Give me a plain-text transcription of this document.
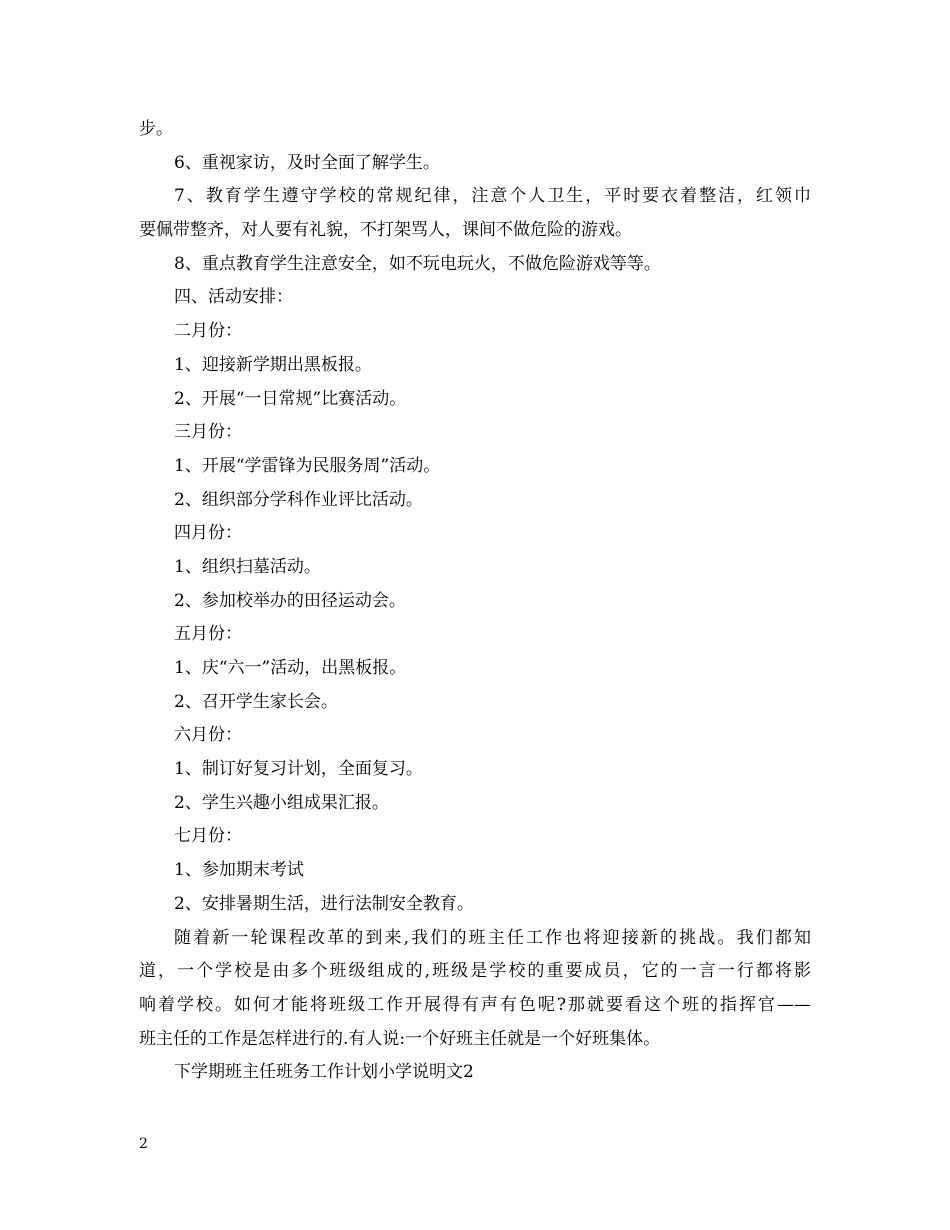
步。

6、重视家访，及时全面了解学生。

7、教育学生遵守学校的常规纪律，注意个人卫生，平时要衣着整洁，红领巾

要佩带整齐，对人要有礼貌，不打架骂人，课间不做危险的游戏。

8、重点教育学生注意安全，如不玩电玩火，不做危险游戏等等。

四、活动安排：

二月份：

1、迎接新学期出黑板报。

2、开展“一日常规”比赛活动。

三月份：

1、开展“学雷锋为民服务周”活动。

2、组织部分学科作业评比活动。

四月份：

1、组织扫墓活动。

2、参加校举办的田径运动会。

五月份：

1、庆“六一”活动，出黑板报。

2、召开学生家长会。

六月份：

1、制订好复习计划，全面复习。

2、学生兴趣小组成果汇报。

七月份：

1、参加期末考试

2、安排暑期生活，进行法制安全教育。

随着新一轮课程改革的到来,我们的班主任工作也将迎接新的挑战。我们都知

道，一个学校是由多个班级组成的,班级是学校的重要成员，它的一言一行都将影

响着学校。如何才能将班级工作开展得有声有色呢?那就要看这个班的指挥官——

班主任的工作是怎样进行的.有人说:一个好班主任就是一个好班集体。

下学期班主任班务工作计划小学说明文2

2
